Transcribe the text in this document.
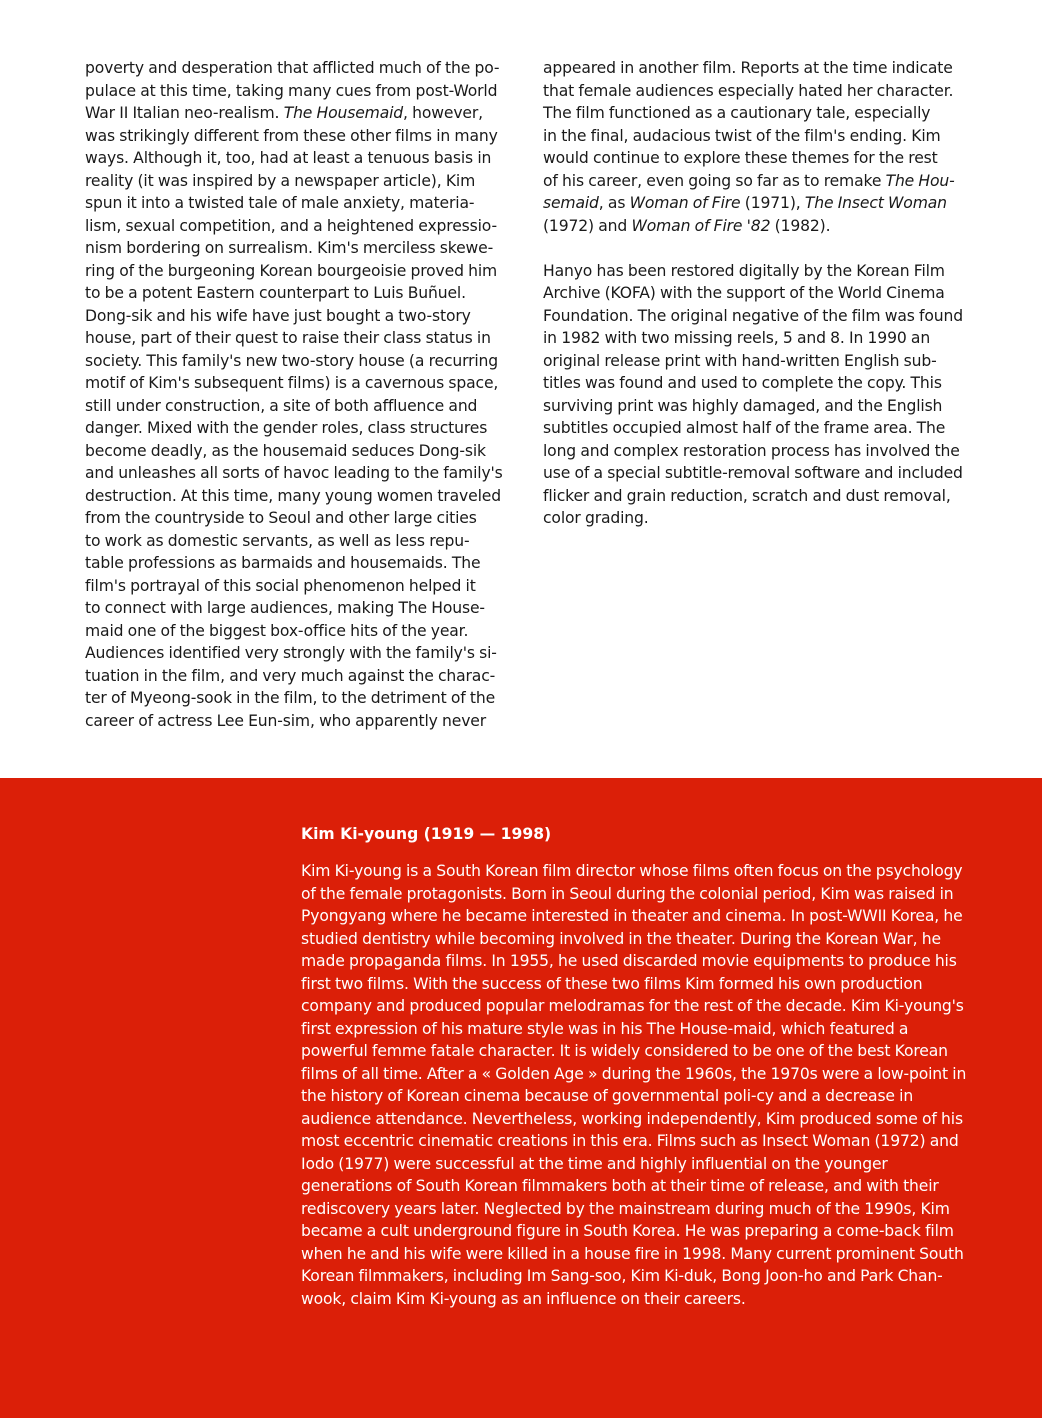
poverty and desperation that afflicted much of the po-
pulace at this time, taking many cues from post-World
War II Italian neo-realism. The Housemaid, however,
was strikingly different from these other films in many
ways. Although it, too, had at least a tenuous basis in
reality (it was inspired by a newspaper article), Kim
spun it into a twisted tale of male anxiety, materia-
lism, sexual competition, and a heightened expressio-
nism bordering on surrealism. Kim's merciless skewe-
ring of the burgeoning Korean bourgeoisie proved him
to be a potent Eastern counterpart to Luis Buñuel.
Dong-sik and his wife have just bought a two-story
house, part of their quest to raise their class status in
society. This family's new two-story house (a recurring
motif of Kim's subsequent films) is a cavernous space,
still under construction, a site of both affluence and
danger. Mixed with the gender roles, class structures
become deadly, as the housemaid seduces Dong-sik
and unleashes all sorts of havoc leading to the family's
destruction. At this time, many young women traveled
from the countryside to Seoul and other large cities
to work as domestic servants, as well as less repu-
table professions as barmaids and housemaids. The
film's portrayal of this social phenomenon helped it
to connect with large audiences, making The House-
maid one of the biggest box-office hits of the year.
Audiences identified very strongly with the family's si-
tuation in the film, and very much against the charac-
ter of Myeong-sook in the film, to the detriment of the
career of actress Lee Eun-sim, who apparently never
appeared in another film. Reports at the time indicate
that female audiences especially hated her character.
The film functioned as a cautionary tale, especially
in the final, audacious twist of the film's ending. Kim
would continue to explore these themes for the rest
of his career, even going so far as to remake The Hou-
semaid, as Woman of Fire (1971), The Insect Woman
(1972) and Woman of Fire '82 (1982).
Hanyo has been restored digitally by the Korean Film
Archive (KOFA) with the support of the World Cinema
Foundation. The original negative of the film was found
in 1982 with two missing reels, 5 and 8. In 1990 an
original release print with hand-written English sub-
titles was found and used to complete the copy. This
surviving print was highly damaged, and the English
subtitles occupied almost half of the frame area. The
long and complex restoration process has involved the
use of a special subtitle-removal software and included
flicker and grain reduction, scratch and dust removal,
color grading.
Kim Ki-young (1919 — 1998)
Kim Ki-young is a South Korean film director whose films often focus on the psychology
of the female protagonists. Born in Seoul during the colonial period, Kim was raised in
Pyongyang where he became interested in theater and cinema. In post-WWII Korea, he
studied dentistry while becoming involved in the theater. During the Korean War, he
made propaganda films. In 1955, he used discarded movie equipments to produce his
first two films. With the success of these two films Kim formed his own production
company and produced popular melodramas for the rest of the decade. Kim Ki-young's
first expression of his mature style was in his The House-maid, which featured a
powerful femme fatale character. It is widely considered to be one of the best Korean
films of all time. After a « Golden Age » during the 1960s, the 1970s were a low-point in
the history of Korean cinema because of governmental poli-cy and a decrease in
audience attendance. Nevertheless, working independently, Kim produced some of his
most eccentric cinematic creations in this era. Films such as Insect Woman (1972) and
Iodo (1977) were successful at the time and highly influential on the younger
generations of South Korean filmmakers both at their time of release, and with their
rediscovery years later. Neglected by the mainstream during much of the 1990s, Kim
became a cult underground figure in South Korea. He was preparing a come-back film
when he and his wife were killed in a house fire in 1998. Many current prominent South
Korean filmmakers, including Im Sang-soo, Kim Ki-duk, Bong Joon-ho and Park Chan-
wook, claim Kim Ki-young as an influence on their careers.
